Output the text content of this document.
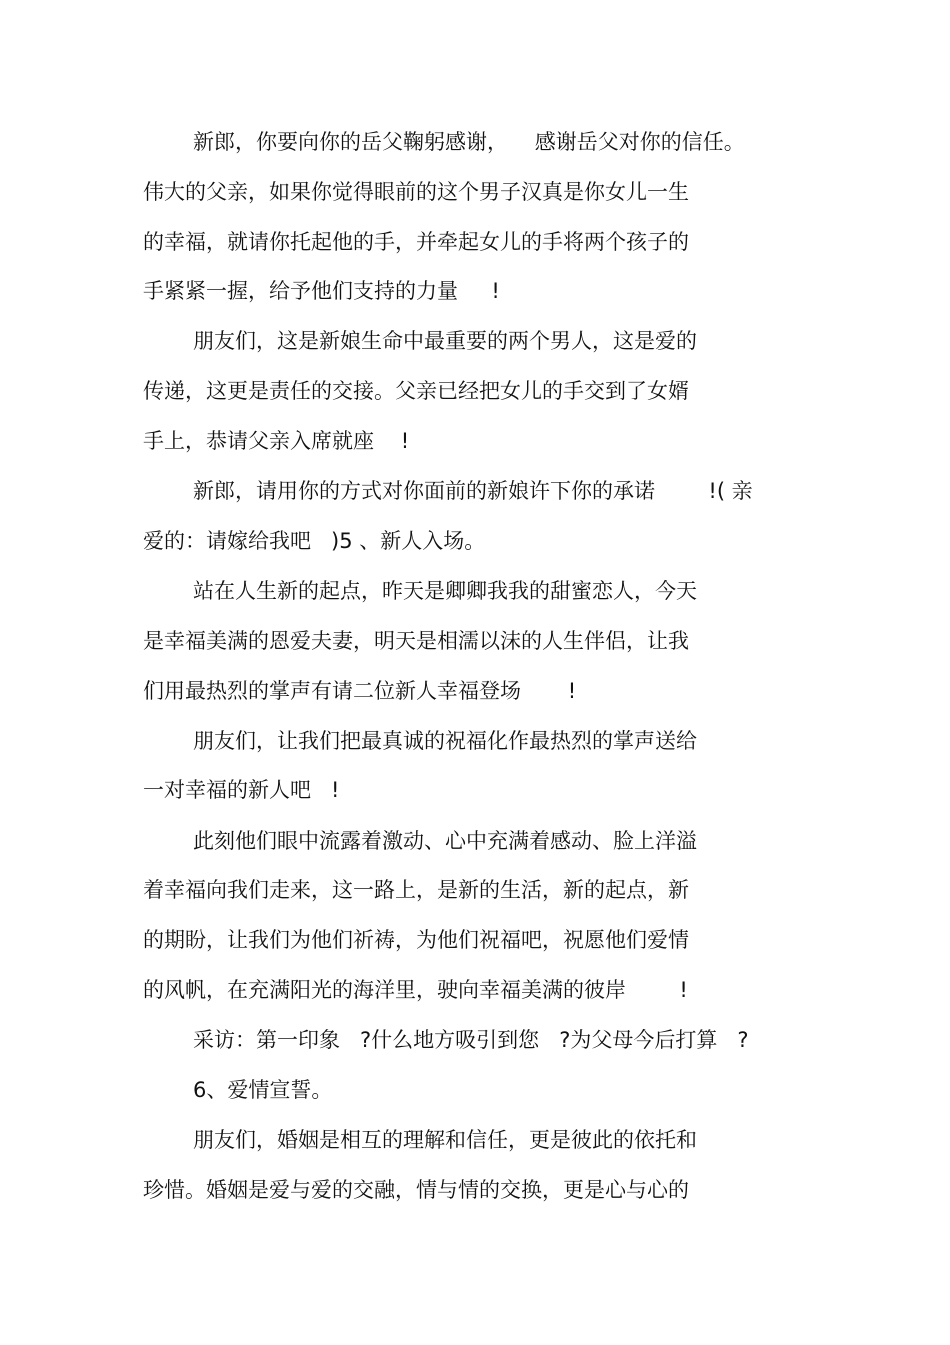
新郎，你要向你的岳父鞠躬感谢，    感谢岳父对你的信任。
伟大的父亲，如果你觉得眼前的这个男子汉真是你女儿一生
的幸福，就请你托起他的手，并牵起女儿的手将两个孩子的
手紧紧一握，给予他们支持的力量     !
朋友们，这是新娘生命中最重要的两个男人，这是爱的
传递，这更是责任的交接。父亲已经把女儿的手交到了女婿
手上，恭请父亲入席就座    !
新郎，请用你的方式对你面前的新娘许下你的承诺        !( 亲
爱的：请嫁给我吧   )5 、新人入场。
站在人生新的起点，昨天是卿卿我我的甜蜜恋人，今天
是幸福美满的恩爱夫妻，明天是相濡以沫的人生伴侣，让我
们用最热烈的掌声有请二位新人幸福登场       !
朋友们，让我们把最真诚的祝福化作最热烈的掌声送给
一对幸福的新人吧   !
此刻他们眼中流露着激动、心中充满着感动、脸上洋溢
着幸福向我们走来，这一路上，是新的生活，新的起点，新
的期盼，让我们为他们祈祷，为他们祝福吧，祝愿他们爱情
的风帆，在充满阳光的海洋里，驶向幸福美满的彼岸        !
采访：第一印象   ?什么地方吸引到您   ?为父母今后打算   ?
6、爱情宣誓。
朋友们，婚姻是相互的理解和信任，更是彼此的依托和
珍惜。婚姻是爱与爱的交融，情与情的交换，更是心与心的
